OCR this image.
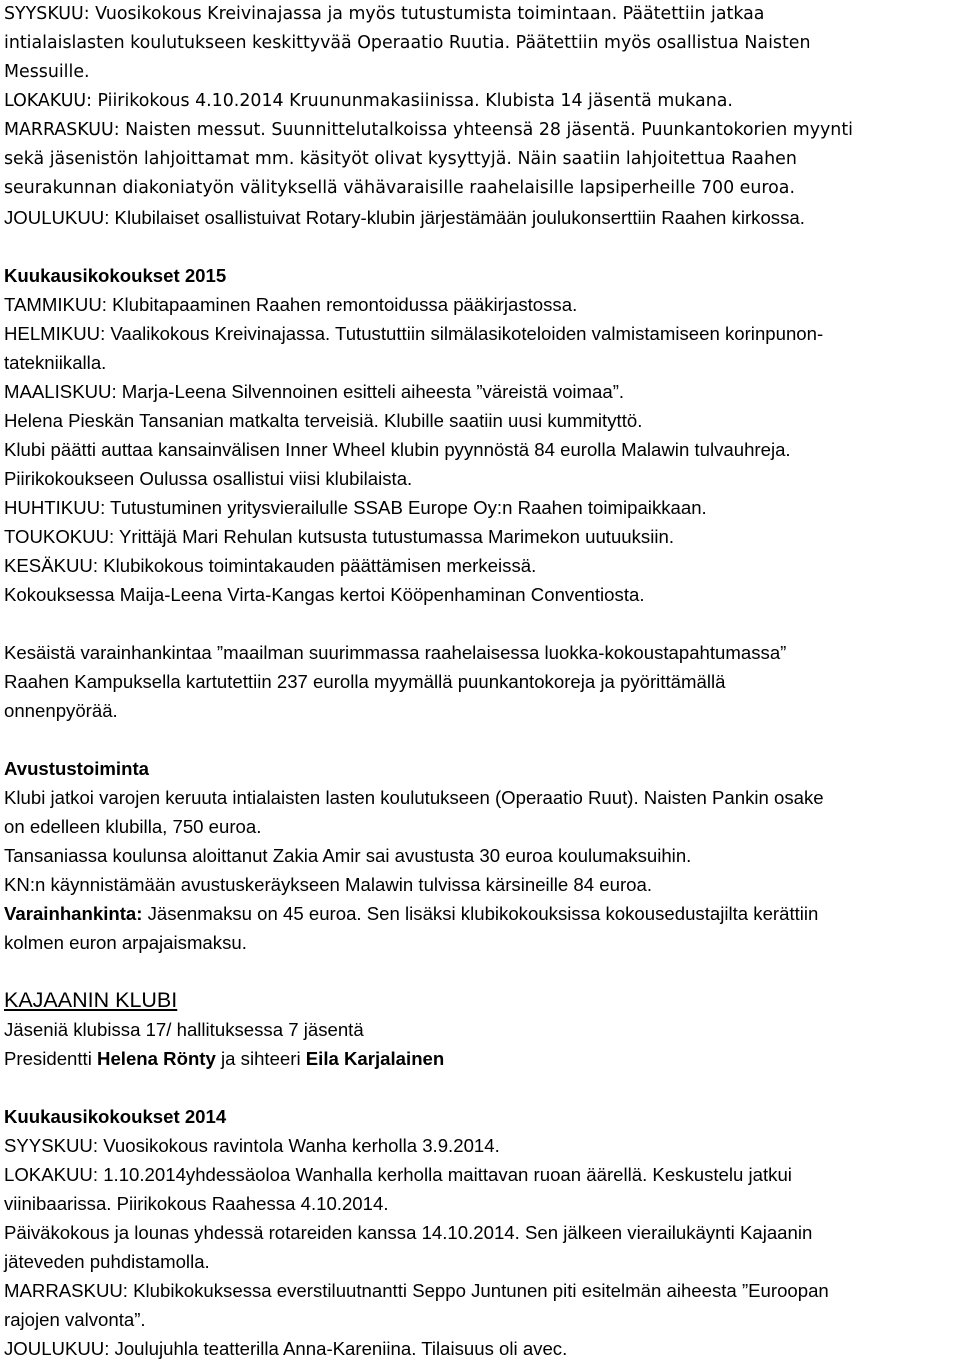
SYYSKUU: Vuosikokous Kreivinajassa ja myös tutustumista toimintaan. Päätettiin jatkaa
intialaislasten koulutukseen keskittyvää Operaatio Ruutia. Päätettiin myös osallistua Naisten
Messuille.
LOKAKUU: Piirikokous 4.10.2014 Kruununmakasiinissa. Klubista 14 jäsentä mukana.
MARRASKUU: Naisten messut. Suunnittelutalkoissa yhteensä 28 jäsentä. Puunkantokorien myynti
sekä jäsenistön lahjoittamat mm. käsityöt olivat kysyttyjä. Näin saatiin lahjoitettua Raahen
seurakunnan diakoniatyön välityksellä vähävaraisille raahelaisille lapsiperheille 700 euroa.
JOULUKUU: Klubilaiset osallistuivat Rotary-klubin järjestämään joulukonserttiin Raahen kirkossa.
Kuukausikokoukset 2015
TAMMIKUU: Klubitapaaminen Raahen remontoidussa pääkirjastossa.
HELMIKUU: Vaalikokous Kreivinajassa. Tutustuttiin silmälasikoteloiden valmistamiseen korinpunon-
tatekniikalla.
MAALISKUU: Marja-Leena Silvennoinen esitteli aiheesta ”väreistä voimaa”.
Helena Pieskän Tansanian matkalta terveisiä. Klubille saatiin uusi kummityttö.
Klubi päätti auttaa kansainvälisen Inner Wheel klubin pyynnöstä 84 eurolla Malawin tulvauhreja.
Piirikokoukseen Oulussa osallistui viisi klubilaista.
HUHTIKUU: Tutustuminen yritysvierailulle SSAB Europe Oy:n Raahen toimipaikkaan.
TOUKOKUU: Yrittäjä Mari Rehulan kutsusta tutustumassa Marimekon uutuuksiin.
KESÄKUU: Klubikokous toimintakauden päättämisen merkeissä.
Kokouksessa Maija-Leena Virta-Kangas kertoi Kööpenhaminan Conventiosta.
Kesäistä varainhankintaa ”maailman suurimmassa raahelaisessa luokka-kokoustapahtumassa”
Raahen Kampuksella kartutettiin 237 eurolla myymällä puunkantokoreja ja pyörittämällä
onnenpyörää.
Avustustoiminta
Klubi jatkoi varojen keruuta intialaisten lasten koulutukseen (Operaatio Ruut). Naisten Pankin osake
on edelleen klubilla, 750 euroa.
Tansaniassa koulunsa aloittanut Zakia Amir sai avustusta 30 euroa koulumaksuihin.
KN:n käynnistämään avustuskeräykseen Malawin tulvissa kärsineille 84 euroa.
Varainhankinta: Jäsenmaksu on 45 euroa. Sen lisäksi klubikokouksissa kokousedustajilta kerättiin
kolmen euron arpajaismaksu.
KAJAANIN KLUBI
Jäseniä klubissa 17/ hallituksessa 7 jäsentä
Presidentti Helena Rönty ja sihteeri Eila Karjalainen
Kuukausikokoukset 2014
SYYSKUU: Vuosikokous ravintola Wanha kerholla 3.9.2014.
LOKAKUU: 1.10.2014yhdessäoloa Wanhalla kerholla maittavan ruoan äärellä. Keskustelu jatkui
viinibaarissa. Piirikokous Raahessa 4.10.2014.
Päiväkokous ja lounas yhdessä rotareiden kanssa 14.10.2014. Sen jälkeen vierailukäynti Kajaanin
jäteveden puhdistamolla.
MARRASKUU: Klubikokuksessa everstiluutnantti Seppo Juntunen piti esitelmän aiheesta ”Euroopan
rajojen valvonta”.
JOULUKUU: Joulujuhla teatterilla Anna-Kareniina. Tilaisuus oli avec.
